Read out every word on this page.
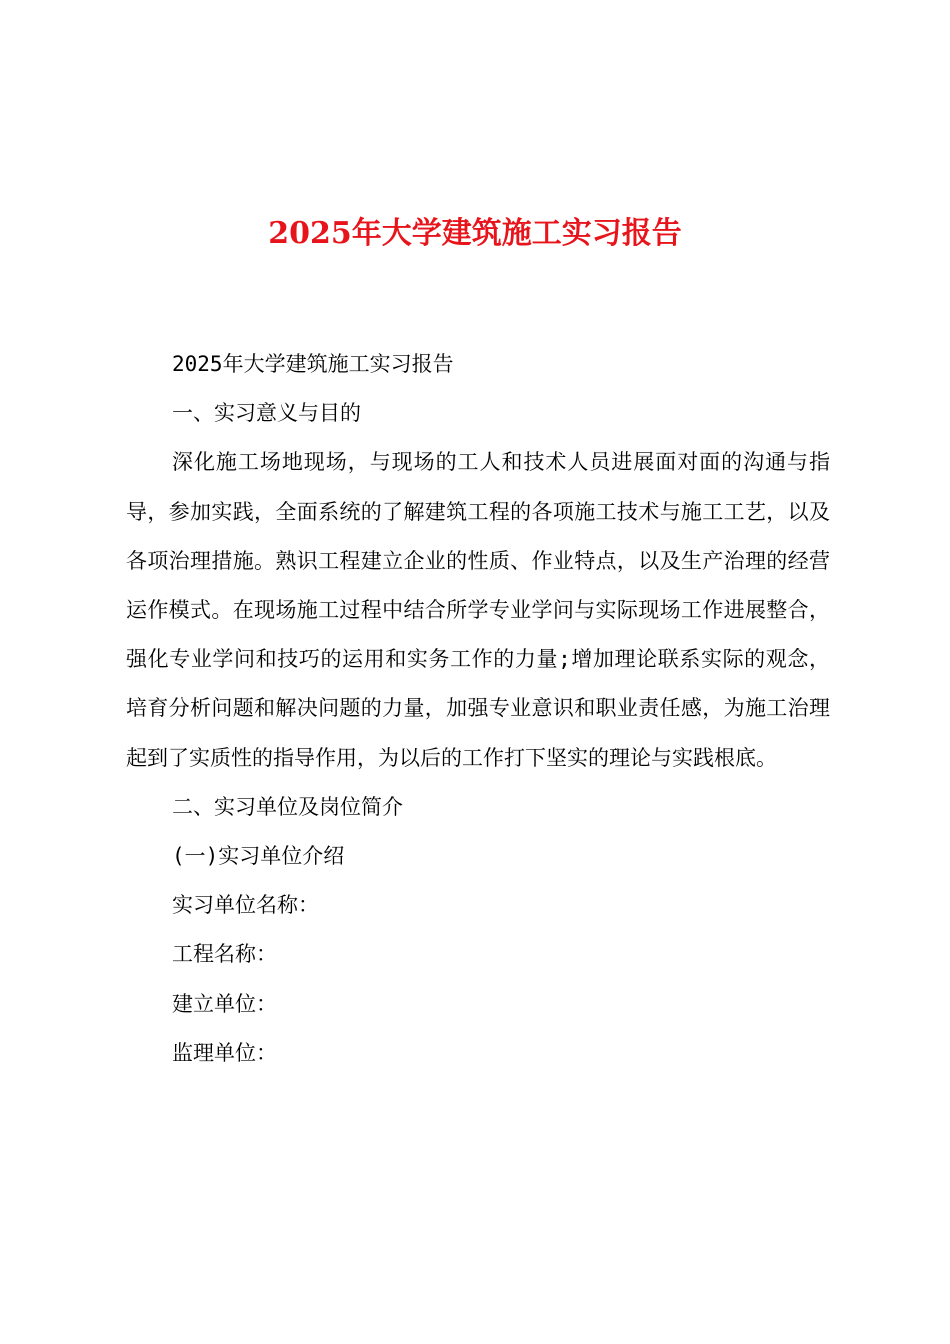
2025年大学建筑施工实习报告

2025年大学建筑施工实习报告

一、实习意义与目的

深化施工场地现场，与现场的工人和技术人员进展面对面的沟通与指导，参加实践，全面系统的了解建筑工程的各项施工技术与施工工艺，以及各项治理措施。熟识工程建立企业的性质、作业特点，以及生产治理的经营运作模式。在现场施工过程中结合所学专业学问与实际现场工作进展整合，强化专业学问和技巧的运用和实务工作的力量;增加理论联系实际的观念，培育分析问题和解决问题的力量，加强专业意识和职业责任感，为施工治理起到了实质性的指导作用，为以后的工作打下坚实的理论与实践根底。

二、实习单位及岗位简介

(一)实习单位介绍

实习单位名称：

工程名称：

建立单位：

监理单位：
